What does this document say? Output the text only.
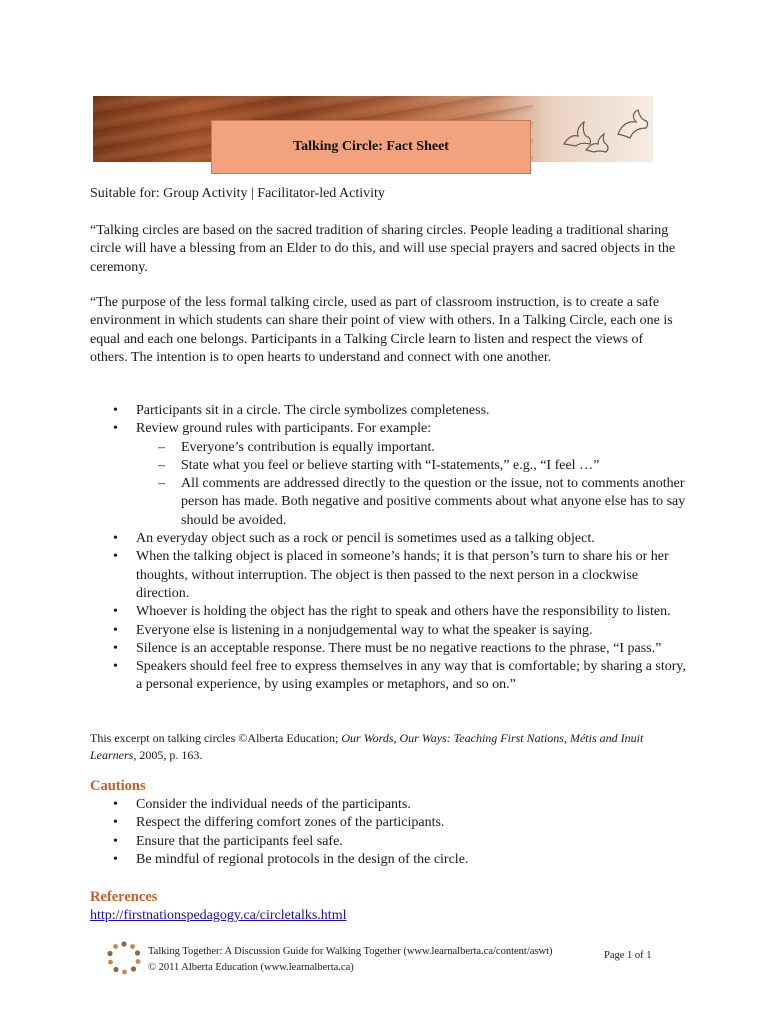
Talking Circle: Fact Sheet
Suitable for: Group Activity | Facilitator-led Activity

“Talking circles are based on the sacred tradition of sharing circles. People leading a traditional sharing circle will have a blessing from an Elder to do this, and will use special prayers and sacred objects in the ceremony.

“The purpose of the less formal talking circle, used as part of classroom instruction, is to create a safe environment in which students can share their point of view with others. In a Talking Circle, each one is equal and each one belongs. Participants in a Talking Circle learn to listen and respect the views of others. The intention is to open hearts to understand and connect with one another.

• Participants sit in a circle. The circle symbolizes completeness.
• Review ground rules with participants. For example:
– Everyone’s contribution is equally important.
– State what you feel or believe starting with “I-statements,” e.g., “I feel …”
– All comments are addressed directly to the question or the issue, not to comments another person has made. Both negative and positive comments about what anyone else has to say should be avoided.
• An everyday object such as a rock or pencil is sometimes used as a talking object.
• When the talking object is placed in someone’s hands; it is that person’s turn to share his or her thoughts, without interruption. The object is then passed to the next person in a clockwise direction.
• Whoever is holding the object has the right to speak and others have the responsibility to listen.
• Everyone else is listening in a nonjudgemental way to what the speaker is saying.
• Silence is an acceptable response. There must be no negative reactions to the phrase, “I pass.”
• Speakers should feel free to express themselves in any way that is comfortable; by sharing a story, a personal experience, by using examples or metaphors, and so on.”
This excerpt on talking circles ©Alberta Education; Our Words, Our Ways: Teaching First Nations, Métis and Inuit Learners, 2005, p. 163.
Cautions
• Consider the individual needs of the participants.
• Respect the differing comfort zones of the participants.
• Ensure that the participants feel safe.
• Be mindful of regional protocols in the design of the circle.
References
http://firstnationspedagogy.ca/circletalks.html
Talking Together: A Discussion Guide for Walking Together (www.learnalberta.ca/content/aswt)
© 2011 Alberta Education (www.learnalberta.ca)
Page 1 of 1
